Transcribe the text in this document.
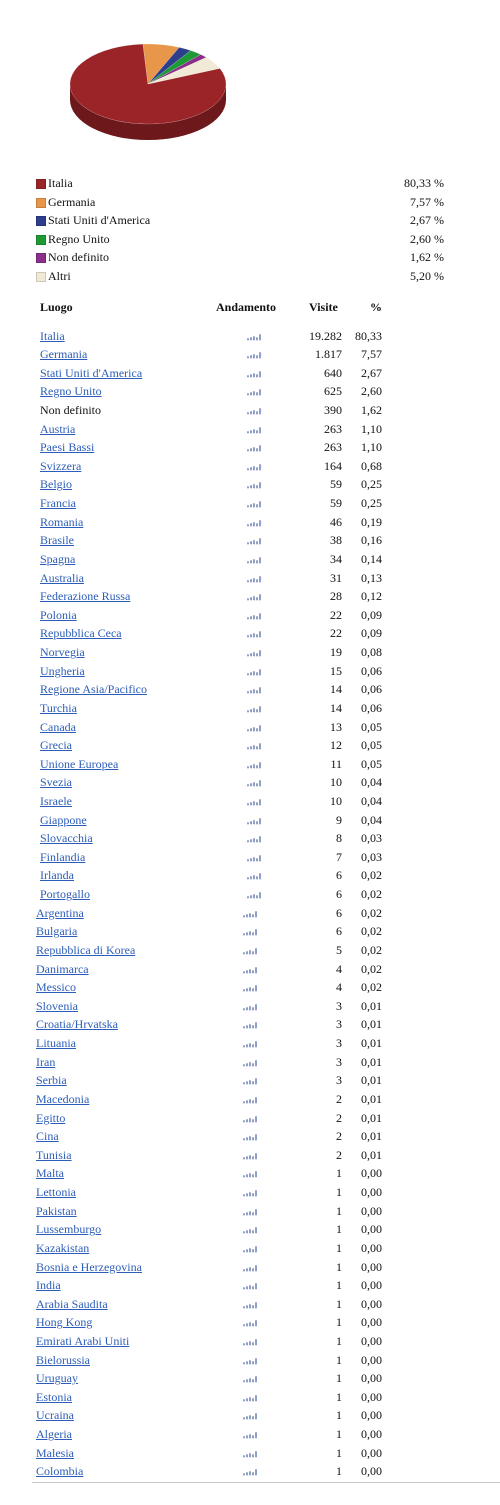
Italia	80,33 %
Germania	7,57 %
Stati Uniti d'America	2,67 %
Regno Unito	2,60 %
Non definito	1,62 %
Altri	5,20 %
Luogo	Andamento	Visite	%
Italia	19.282 80,33
Germania	1.817	7,57
Stati Uniti d'America	640	2,67
Regno Unito	625	2,60
Non definito	390	1,62
Austria	263	1,10
Paesi Bassi	263	1,10
Svizzera	164	0,68
Belgio	59	0,25
Francia	59	0,25
Romania	46	0,19
Brasile	38	0,16
Spagna	34	0,14
Australia	31	0,13
Federazione Russa	28	0,12
Polonia	22	0,09
Repubblica Ceca	22	0,09
Norvegia	19	0,08
Ungheria	15	0,06
Regione Asia/Pacifico	14	0,06
Turchia	14	0,06
Canada	13	0,05
Grecia	12	0,05
Unione Europea	11	0,05
Svezia	10	0,04
Israele	10	0,04
Giappone	9	0,04
Slovacchia	8	0,03
Finlandia	7	0,03
Irlanda	6	0,02
Portogallo	6	0,02
Argentina	6	0,02
Bulgaria	6	0,02
Repubblica di Korea	5	0,02
Danimarca	4	0,02
Messico	4	0,02
Slovenia	3	0,01
Croatia/Hrvatska	3	0,01
Lituania	3	0,01
Iran	3	0,01
Serbia	3	0,01
Macedonia	2	0,01
Egitto	2	0,01
Cina	2	0,01
Tunisia	2	0,01
Malta	1	0,00
Lettonia	1	0,00
Pakistan	1	0,00
Lussemburgo	1	0,00
Kazakistan	1	0,00
Bosnia e Herzegovina	1	0,00
India	1	0,00
Arabia Saudita	1	0,00
Hong Kong	1	0,00
Emirati Arabi Uniti	1	0,00
Bielorussia	1	0,00
Uruguay	1	0,00
Estonia	1	0,00
Ucraina	1	0,00
Algeria	1	0,00
Malesia	1	0,00
Colombia	1	0,00
